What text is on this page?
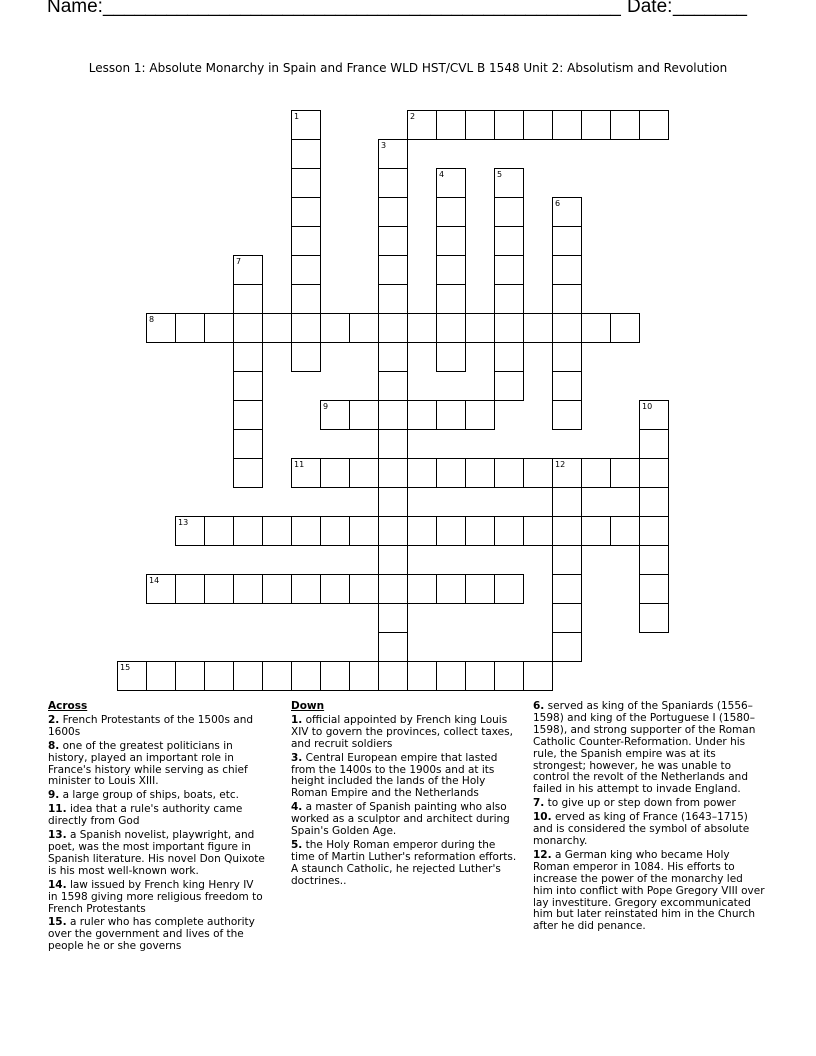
Name: _________________________________________________ Date: _______
Lesson 1: Absolute Monarchy in Spain and France WLD HST/CVL B 1548 Unit 2: Absolutism and Revolution
1	2
3
4	5
6
7
8
9	10
11	12
13
14
15
Across
2. French Protestants of the 1500s and 1600s
8. one of the greatest politicians in history, played an important role in France's history while serving as chief minister to Louis XIII.
9. a large group of ships, boats, etc.
11. idea that a rule's authority came directly from God
13. a Spanish novelist, playwright, and poet, was the most important figure in Spanish literature. His novel Don Quixote is his most well-known work.
14. law issued by French king Henry IV in 1598 giving more religious freedom to French Protestants
15. a ruler who has complete authority over the government and lives of the people he or she governs
Down
1. official appointed by French king Louis XIV to govern the provinces, collect taxes, and recruit soldiers
3. Central European empire that lasted from the 1400s to the 1900s and at its height included the lands of the Holy Roman Empire and the Netherlands
4. a master of Spanish painting who also worked as a sculptor and architect during Spain's Golden Age.
5. the Holy Roman emperor during the time of Martin Luther's reformation efforts. A staunch Catholic, he rejected Luther's doctrines..
6. served as king of the Spaniards (1556–1598) and king of the Portuguese I (1580–1598), and strong supporter of the Roman Catholic Counter-Reformation. Under his rule, the Spanish empire was at its strongest; however, he was unable to control the revolt of the Netherlands and failed in his attempt to invade England.
7. to give up or step down from power
10. erved as king of France (1643–1715) and is considered the symbol of absolute monarchy.
12. a German king who became Holy Roman emperor in 1084. His efforts to increase the power of the monarchy led him into conflict with Pope Gregory VIII over lay investiture. Gregory excommunicated him but later reinstated him in the Church after he did penance.
